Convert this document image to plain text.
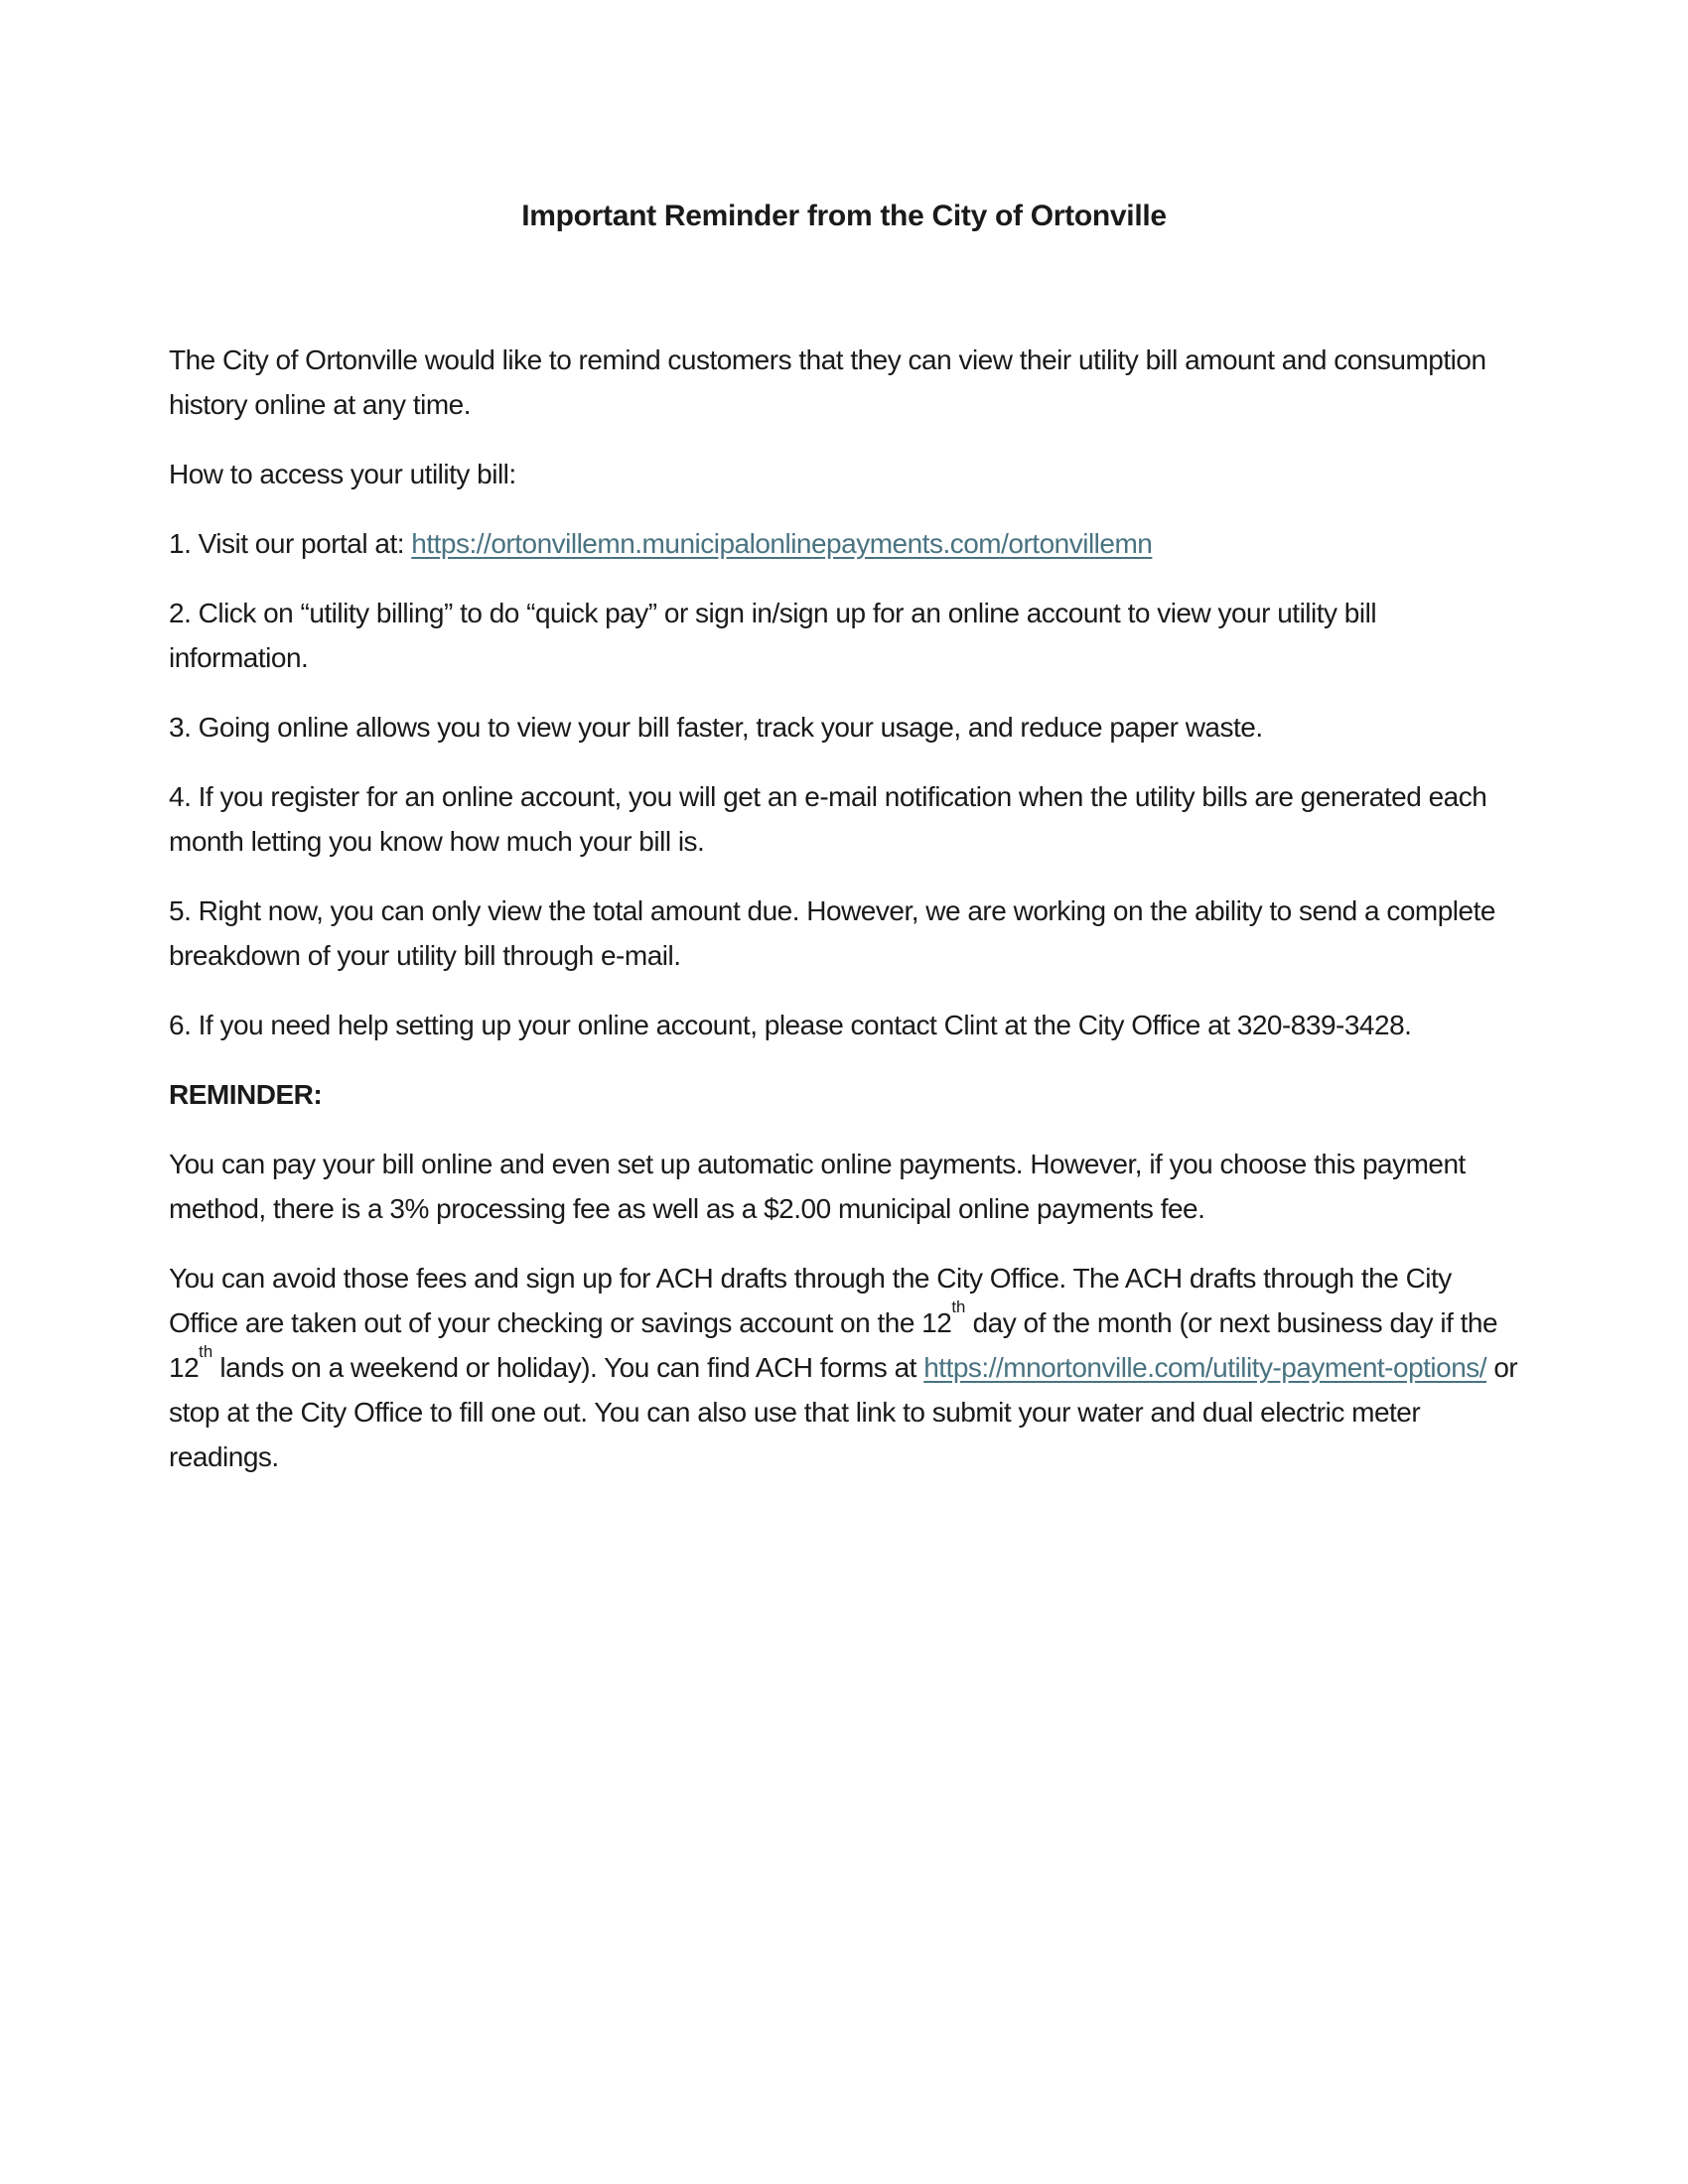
Important Reminder from the City of Ortonville

The City of Ortonville would like to remind customers that they can view their utility bill amount and consumption history online at any time.

How to access your utility bill:

1. Visit our portal at: https://ortonvillemn.municipalonlinepayments.com/ortonvillemn

2. Click on “utility billing” to do “quick pay” or sign in/sign up for an online account to view your utility bill information.

3. Going online allows you to view your bill faster, track your usage, and reduce paper waste.

4. If you register for an online account, you will get an e-mail notification when the utility bills are generated each month letting you know how much your bill is.

5. Right now, you can only view the total amount due. However, we are working on the ability to send a complete breakdown of your utility bill through e-mail.

6. If you need help setting up your online account, please contact Clint at the City Office at 320-839-3428.

REMINDER:

You can pay your bill online and even set up automatic online payments. However, if you choose this payment method, there is a 3% processing fee as well as a $2.00 municipal online payments fee.

You can avoid those fees and sign up for ACH drafts through the City Office. The ACH drafts through the City Office are taken out of your checking or savings account on the 12th day of the month (or next business day if the 12th lands on a weekend or holiday). You can find ACH forms at https://mnortonville.com/utility-payment-options/ or stop at the City Office to fill one out. You can also use that link to submit your water and dual electric meter readings.
